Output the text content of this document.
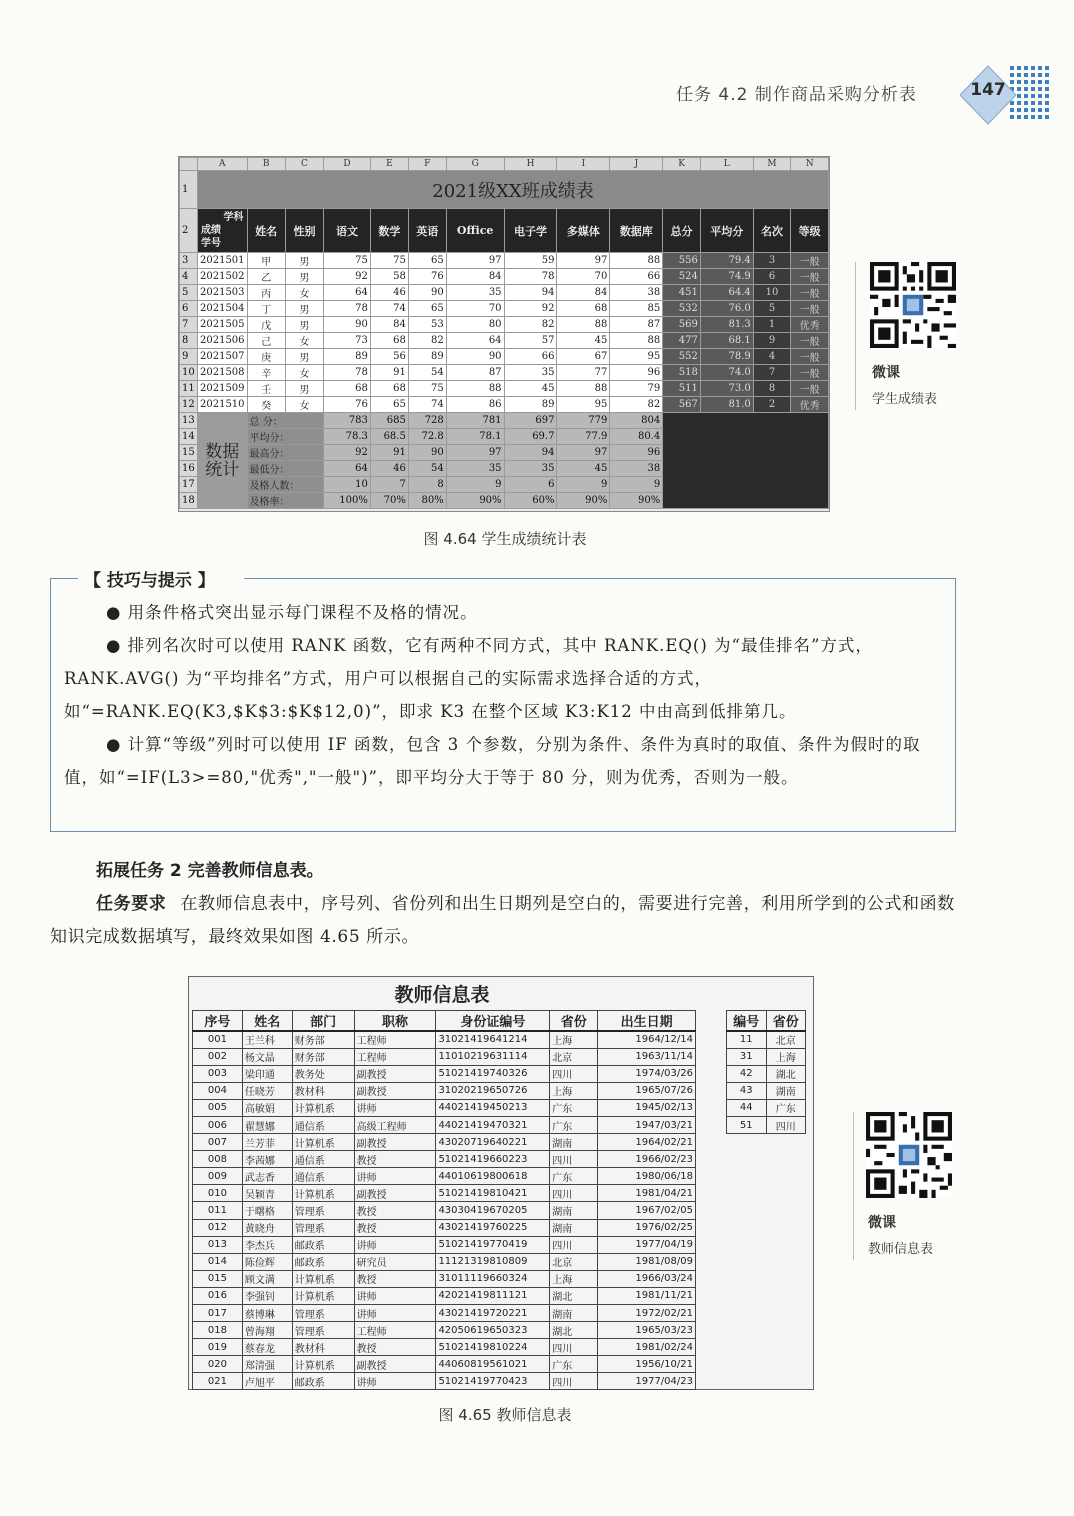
任务 4.2 制作商品采购分析表	147
	A	B	C	D	E	F	G	H	I	J	K	L	M	N
1	2021级XX班成绩表													
2	学科
成绩
学号	姓名	性别	语文	数学	英语	Office	电子学	多媒体	数据库	总分	平均分	名次	等级
3	2021501	甲	男	75	75	65	97	59	97	88	556	79.4	3	一般
4	2021502	乙	男	92	58	76	84	78	70	66	524	74.9	6	一般
5	2021503	丙	女	64	46	90	35	94	84	38	451	64.4	10	一般
6	2021504	丁	男	78	74	65	70	92	68	85	532	76.0	5	一般
7	2021505	戊	男	90	84	53	80	82	88	87	569	81.3	1	优秀
8	2021506	己	女	73	68	82	64	57	45	88	477	68.1	9	一般
9	2021507	庚	男	89	56	89	90	66	67	95	552	78.9	4	一般
10	2021508	辛	女	78	91	54	87	35	77	96	518	74.0	7	一般
11	2021509	壬	男	68	68	75	88	45	88	79	511	73.0	8	一般
12	2021510	癸	女	76	65	74	86	89	95	82	567	81.0	2	优秀
13	数据统计	总 分：		783	685	728	781	697	779	804				
14		平均分：		78.3	68.5	72.8	78.1	69.7	77.9	80.4				
15		最高分：		92	91	90	97	94	97	96				
16		最低分：		64	46	54	35	35	45	38				
17		及格人数：		10	7	8	9	6	9	9				
18		及格率：		100%	70%	80%	90%	60%	90%	90%				
图 4.64 学生成绩统计表
微课
学生成绩表
【 技巧与提示 】

● 用条件格式突出显示每门课程不及格的情况。

● 排列名次时可以使用 RANK 函数，它有两种不同方式，其中 RANK.EQ() 为“最佳排名”方式，RANK.AVG() 为“平均排名”方式，用户可以根据自己的实际需求选择合适的方式，如“=RANK.EQ(K3,$K$3:$K$12,0)”，即求 K3 在整个区域 K3:K12 中由高到低排第几。

● 计算“等级”列时可以使用 IF 函数，包含 3 个参数，分别为条件、条件为真时的取值、条件为假时的取值，如“=IF(L3>=80,"优秀","一般")”，即平均分大于等于 80 分，则为优秀，否则为一般。

拓展任务 2 完善教师信息表。

任务要求 在教师信息表中，序号列、省份列和出生日期列是空白的，需要进行完善，利用所学到的公式和函数知识完成数据填写，最终效果如图 4.65 所示。

教师信息表
序号	姓名	部门	职称	身份证编号	省份	出生日期
001	王兰科	财务部	工程师	31021419641214	上海	1964/12/14
002	杨文晶	财务部	工程师	11010219631114	北京	1963/11/14
003	梁印通	教务处	副教授	51021419740326	四川	1974/03/26
004	任晓芳	教材科	副教授	31020219650726	上海	1965/07/26
005	高敏娟	计算机系	讲师	44021419450213	广东	1945/02/13
006	翟慧娜	通信系	高级工程师	44021419470321	广东	1947/03/21
007	兰芳菲	计算机系	副教授	43020719640221	湖南	1964/02/21
008	李茜娜	通信系	教授	51021419660223	四川	1966/02/23
009	武志香	通信系	讲师	44010619800618	广东	1980/06/18
010	吴颖青	计算机系	副教授	51021419810421	四川	1981/04/21
011	于曙格	管理系	教授	43030419670205	湖南	1967/02/05
012	黄晓舟	管理系	教授	43021419760225	湖南	1976/02/25
013	李杰兵	邮政系	讲师	51021419770419	四川	1977/04/19
014	陈俭辉	邮政系	研究员	11121319810809	北京	1981/08/09
015	顾文满	计算机系	教授	31011119660324	上海	1966/03/24
016	李强钊	计算机系	讲师	42021419811121	湖北	1981/11/21
017	蔡博琳	管理系	讲师	43021419720221	湖南	1972/02/21
018	曾海翔	管理系	工程师	42050619650323	湖北	1965/03/23
019	蔡春龙	教材科	教授	51021419810224	四川	1981/02/24
020	郑清强	计算机系	副教授	44060819561021	广东	1956/10/21
021	卢旭平	邮政系	讲师	51021419770423	四川	1977/04/23
编号	省份
11	北京
31	上海
42	湖北
43	湖南
44	广东
51	四川
图 4.65 教师信息表
微课
教师信息表
